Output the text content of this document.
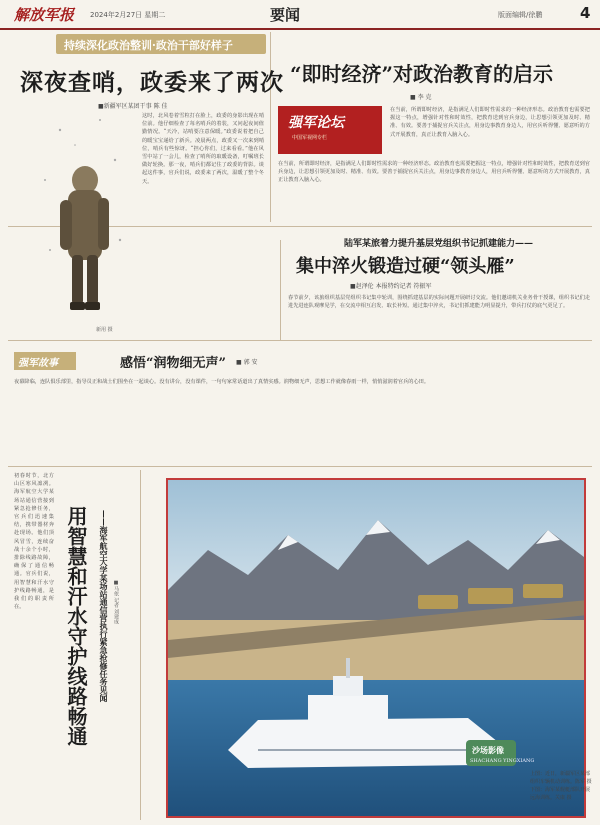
解放军报 2024年2月27日 星期二	要闻	版面编辑/徐鹏	4
持续深化政治整训·政治干部好样子
深夜查哨，政委来了两次
■新疆军区某团干事 陈 佳
新用 摄
这时，北风卷着雪粒打在脸上，政委的身影出现在哨位前。他仔细检查了每名哨兵的着装，又问起夜间值勤情况。“天冷，站哨要注意保暖。”政委说着把自己的暖宝宝递给了新兵。凌晨两点，政委又一次来到哨位，哨兵有些惊讶。“担心你们，过来看看。”他在风雪中站了一会儿，检查了哨所的取暖设备，叮嘱班长做好轮换。那一夜，哨兵们都记住了政委的背影。谈起这件事，官兵们说，政委来了两次，温暖了整个冬天。
“即时经济”对政治教育的启示
■ 李 克
强军论坛
中国军视网专栏
在当前，所谓即时经济，是指满足人们即时性需求的一种经济形态。政治教育也需要把握这一特点，增强针对性和时效性，把教育送到官兵身边，让思想引领更加及时、精准、有效。要善于捕捉官兵关注点，用身边事教育身边人，用官兵听得懂、愿意听的方式开展教育，真正让教育入脑入心。
在当前，所谓即时经济，是指满足人们即时性需求的一种经济形态。政治教育也需要把握这一特点，增强针对性和时效性，把教育送到官兵身边，让思想引领更加及时、精准、有效。要善于捕捉官兵关注点，用身边事教育身边人，用官兵听得懂、愿意听的方式开展教育，真正让教育入脑入心。
陆军某旅着力提升基层党组织书记抓建能力——
集中淬火锻造过硬“领头雁”
■赵泽伦 本报特约记者 符振军
春节前夕，该旅组织基层党组织书记集中轮训，围绕抓建基层的实际问题开展研讨交流。他们邀请机关业务骨干授课，组织书记们走进先进连队观摩见学，在交流中相互启发、取长补短。通过集中淬火，书记们抓建能力明显提升，带兵打仗的底气更足了。
强军故事	感悟“润物细无声” ■ 郭 安
夜幕降临，连队俱乐部里，指导员正和战士们围坐在一起谈心。没有讲台，没有课件，一句句家常话道出了真情实感。润物细无声，思想工作就像春雨一样，悄悄滋润着官兵的心田。
用智慧和汗水守护线路畅通	——海军航空大学某场站通信营执行紧急抢修任务见闻 ■马依 记者 刘建成
初春时节，北方山区寒风凛冽。海军航空大学某场站通信营接到紧急抢修任务，官兵们迅速集结，携带器材奔赴现场。他们顶风冒雪，连续奋战十余个小时，排除线路故障，确保了通信畅通。官兵们说，用智慧和汗水守护线路畅通，是我们的职责所在。
沙场影像
SHACHANG YINGXIANG
上图：近日，新疆军区某部组织车辆机动训练。陈军 摄 下图：海军某舰艇部队开展远海训练。关康 摄
